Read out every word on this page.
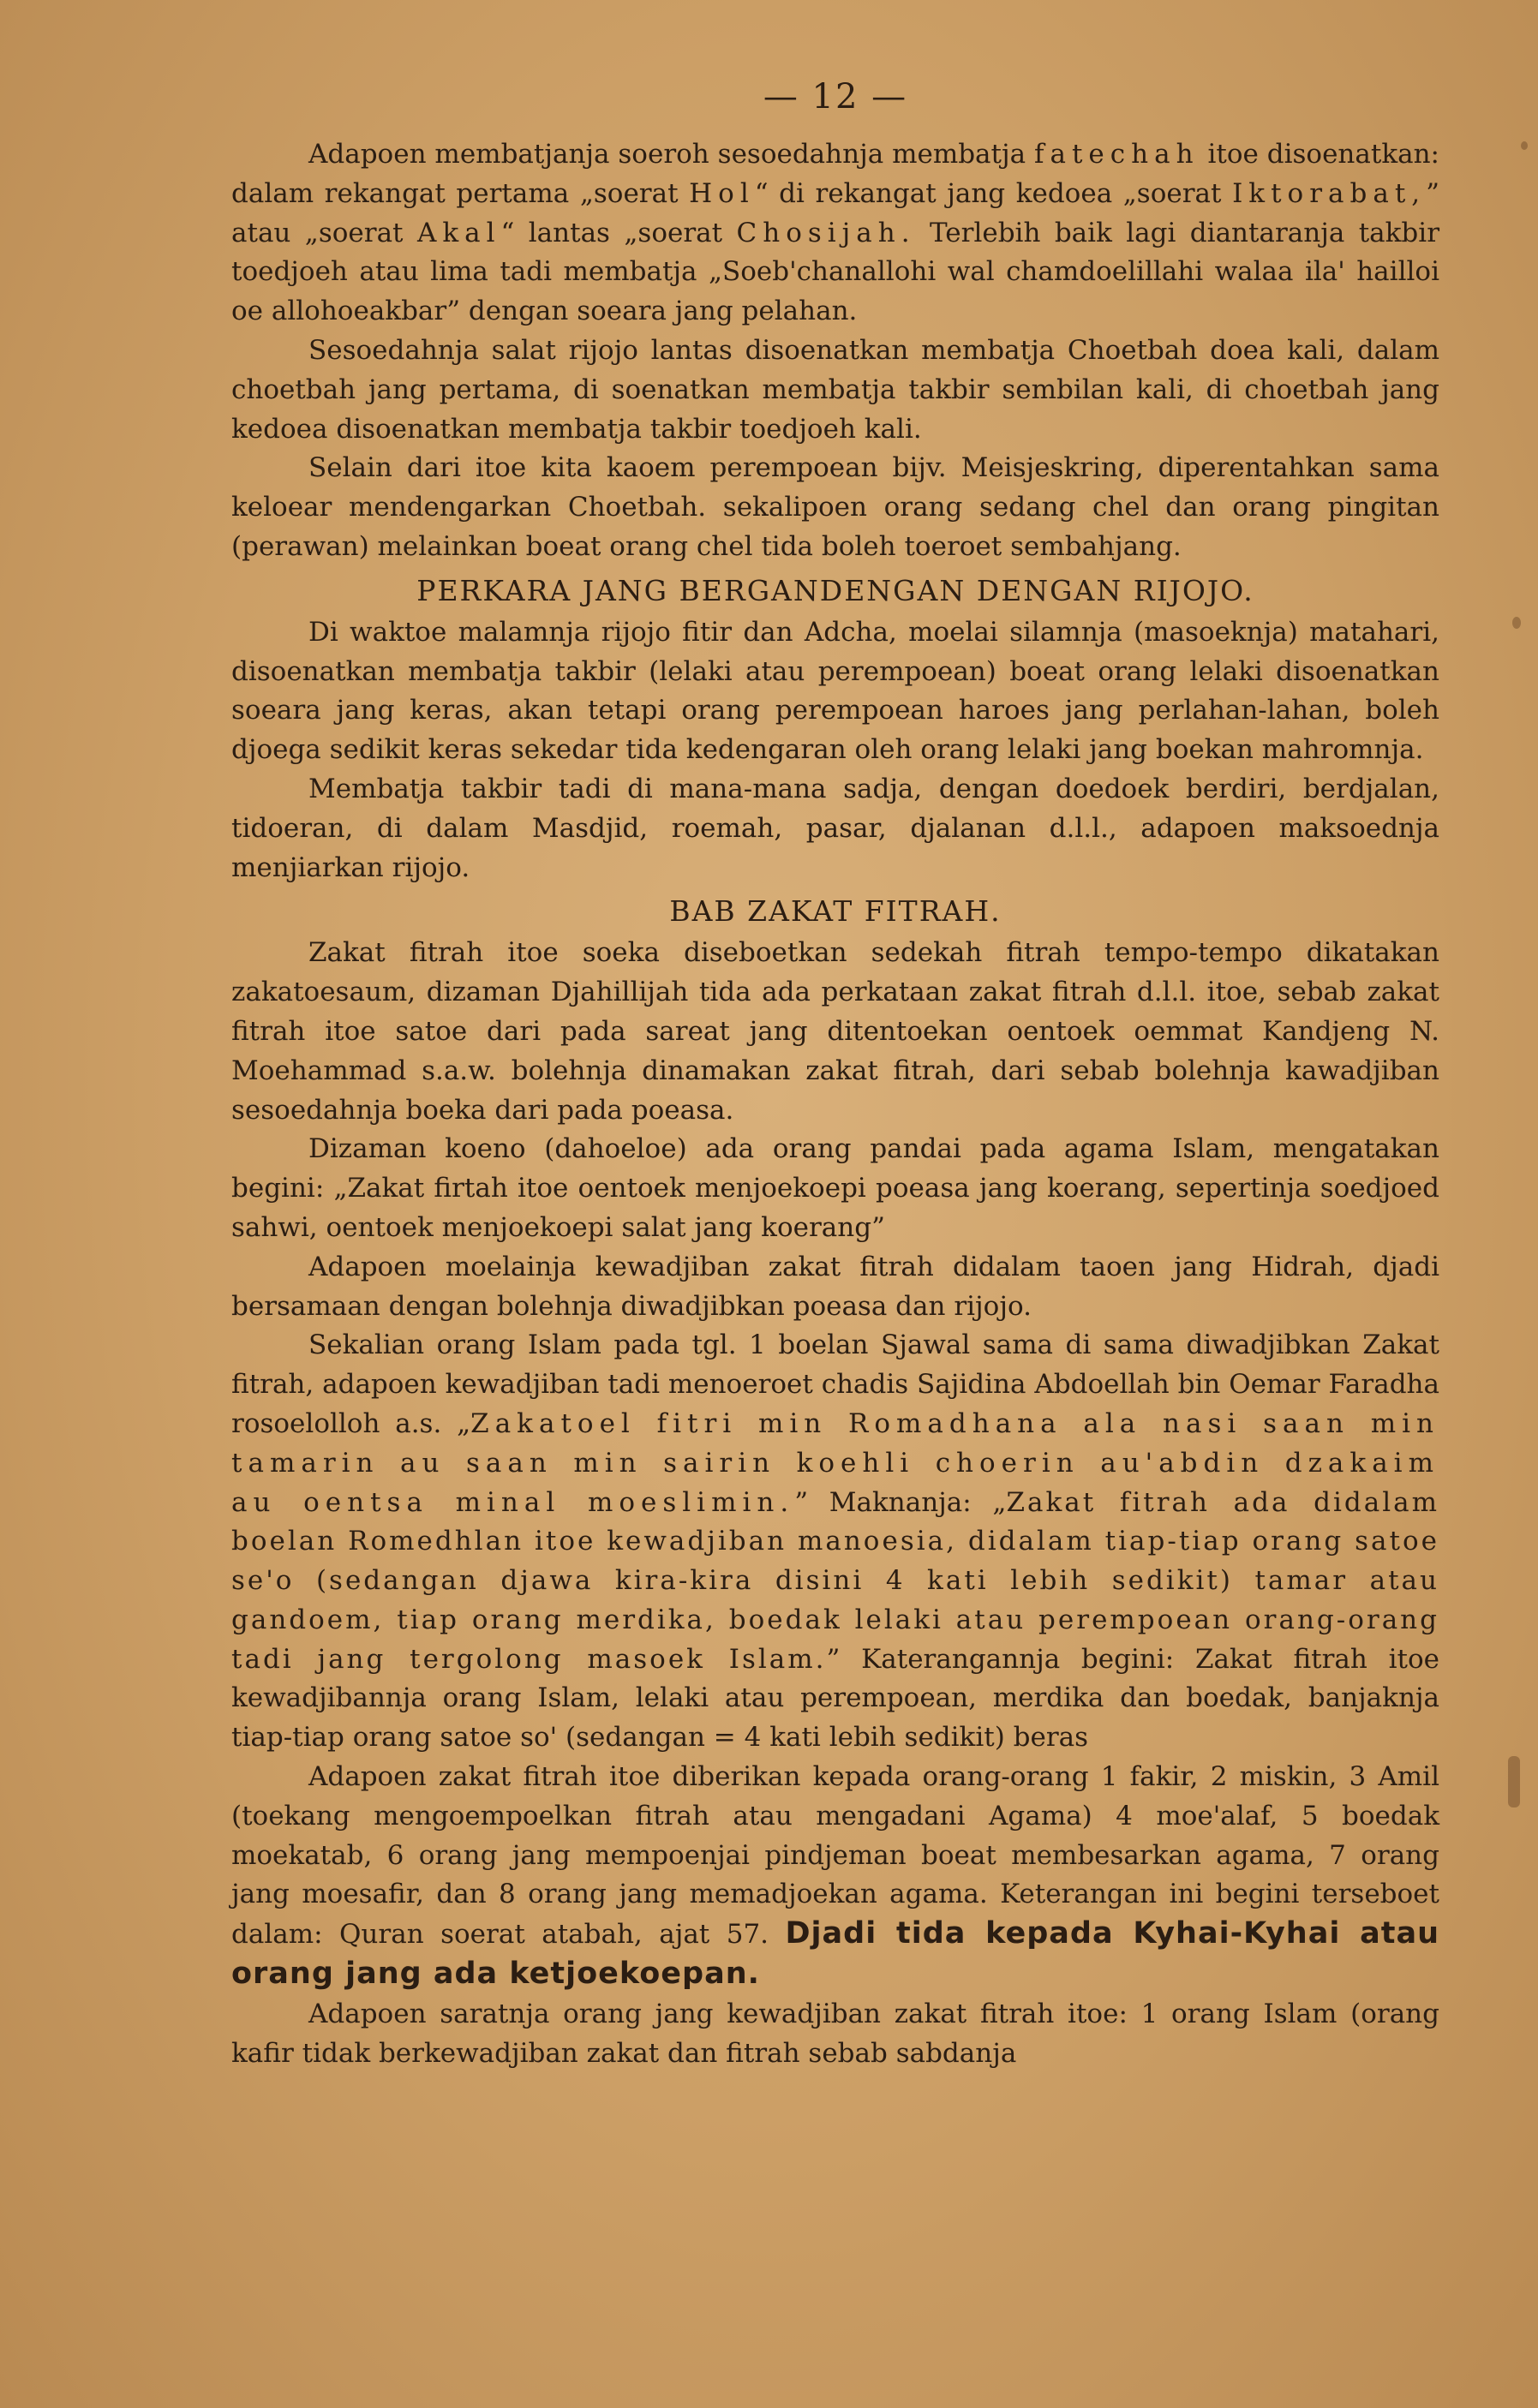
— 12 —

Adapoen membatjanja soeroh sesoedahnja membatja fatechah itoe disoenatkan: dalam rekangat pertama „soerat Hol“ di rekangat jang kedoea „soerat Iktorabat,” atau „soerat Akal“ lantas „soerat Chosijah. Terlebih baik lagi diantaranja takbir toedjoeh atau lima tadi membatja „Soeb'chanallohi wal chamdoelillahi walaa ila' hailloi oe allohoeakbar” dengan soeara jang pelahan.

Sesoedahnja salat rijojo lantas disoenatkan membatja Choetbah doea kali, dalam choetbah jang pertama, di soenatkan membatja takbir sembilan kali, di choetbah jang kedoea disoenatkan membatja takbir toedjoeh kali.

Selain dari itoe kita kaoem perempoean bijv. Meisjeskring, diperentahkan sama keloear mendengarkan Choetbah. sekalipoen orang sedang chel dan orang pingitan (perawan) melainkan boeat orang chel tida boleh toeroet sembahjang.

PERKARA JANG BERGANDENGAN DENGAN RIJOJO.

Di waktoe malamnja rijojo fitir dan Adcha, moelai silamnja (masoeknja) matahari, disoenatkan membatja takbir (lelaki atau perempoean) boeat orang lelaki disoenatkan soeara jang keras, akan tetapi orang perempoean haroes jang perlahan-lahan, boleh djoega sedikit keras sekedar tida kedengaran oleh orang lelaki jang boekan mahromnja.

Membatja takbir tadi di mana-mana sadja, dengan doedoek berdiri, berdjalan, tidoeran, di dalam Masdjid, roemah, pasar, djalanan d.l.l., adapoen maksoednja menjiarkan rijojo.

BAB ZAKAT FITRAH.

Zakat fitrah itoe soeka diseboetkan sedekah fitrah tempo-tempo dikatakan zakatoesaum, dizaman Djahillijah tida ada perkataan zakat fitrah d.l.l. itoe, sebab zakat fitrah itoe satoe dari pada sareat jang ditentoekan oentoek oemmat Kandjeng N. Moehammad s.a.w. bolehnja dinamakan zakat fitrah, dari sebab bolehnja kawadjiban sesoedahnja boeka dari pada poeasa.

Dizaman koeno (dahoeloe) ada orang pandai pada agama Islam, mengatakan begini: „Zakat firtah itoe oentoek menjoekoepi poeasa jang koerang, sepertinja soedjoed sahwi, oentoek menjoekoepi salat jang koerang”

Adapoen moelainja kewadjiban zakat fitrah didalam taoen jang Hidrah, djadi bersamaan dengan bolehnja diwadjibkan poeasa dan rijojo.

Sekalian orang Islam pada tgl. 1 boelan Sjawal sama di sama diwadjibkan Zakat fitrah, adapoen kewadjiban tadi menoeroet chadis Sajidina Abdoellah bin Oemar Faradha rosoelolloh a.s. „Zakatoel fitri min Romadhana ala nasi saan min tamarin au saan min sairin koehli choerin au'abdin dzakaim au oentsa minal moeslimin.” Maknanja: „Zakat fitrah ada didalam boelan Romedhlan itoe kewadjiban manoesia, didalam tiap-tiap orang satoe se'o (sedangan djawa kira-kira disini 4 kati lebih sedikit) tamar atau gandoem, tiap orang merdika, boedak lelaki atau perempoean orang-orang tadi jang tergolong masoek Islam.” Katerangannja begini: Zakat fitrah itoe kewadjibannja orang Islam, lelaki atau perempoean, merdika dan boedak, banjaknja tiap-tiap orang satoe so' (sedangan = 4 kati lebih sedikit) beras

Adapoen zakat fitrah itoe diberikan kepada orang-orang 1 fakir, 2 miskin, 3 Amil (toekang mengoempoelkan fitrah atau mengadani Agama) 4 moe'alaf, 5 boedak moekatab, 6 orang jang mempoenjai pindjeman boeat membesarkan agama, 7 orang jang moesafir, dan 8 orang jang memadjoekan agama. Keterangan ini begini terseboet dalam: Quran soerat atabah, ajat 57. Djadi tida kepada Kyhai-Kyhai atau orang jang ada ketjoekoepan.

Adapoen saratnja orang jang kewadjiban zakat fitrah itoe: 1 orang Islam (orang kafir tidak berkewadjiban zakat dan fitrah sebab sabdanja
